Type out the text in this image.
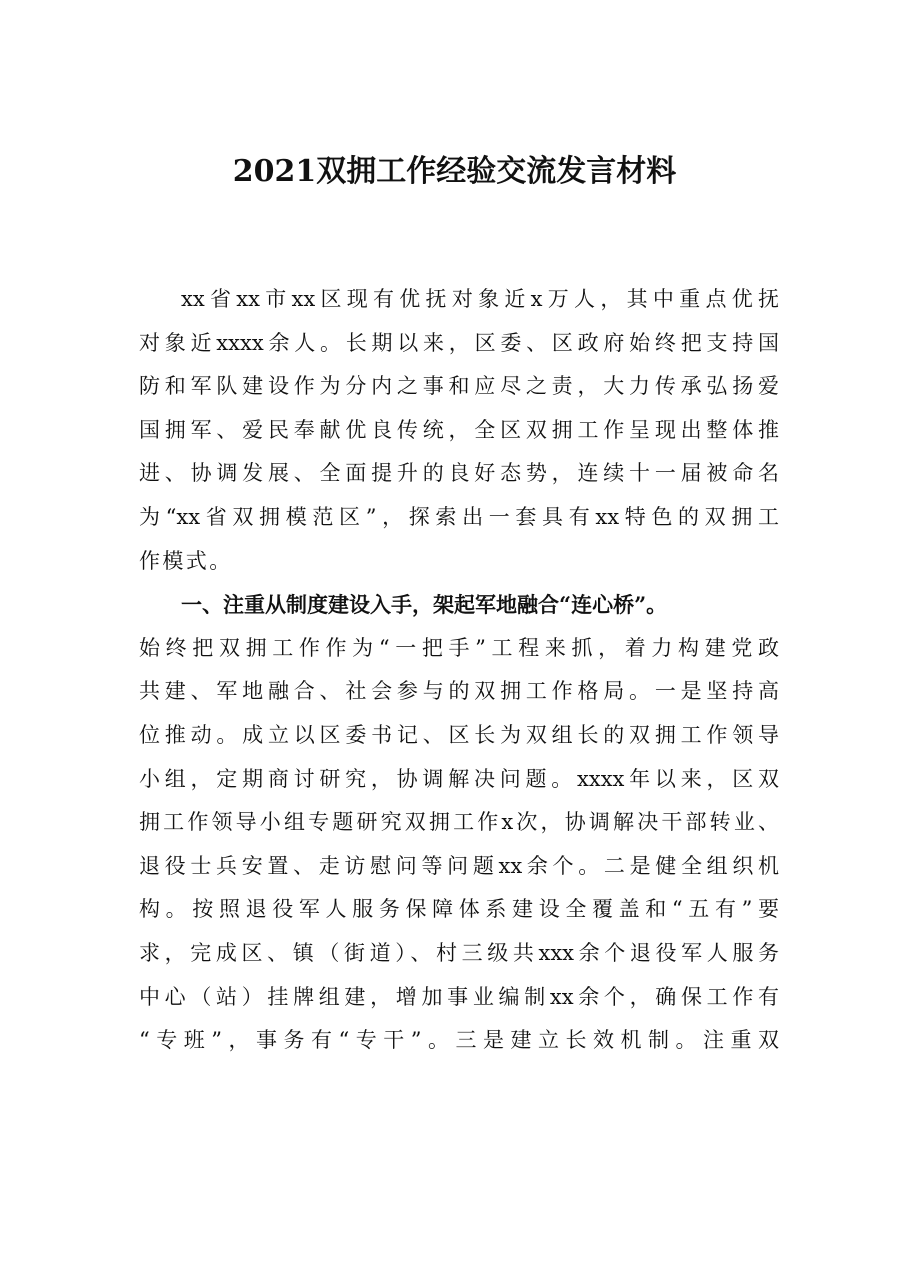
2021双拥工作经验交流发言材料
xx省xx市xx区现有优抚对象近x万人，其中重点优抚
对象近xxxx余人。长期以来，区委、区政府始终把支持国
防和军队建设作为分内之事和应尽之责，大力传承弘扬爱
国拥军、爱民奉献优良传统，全区双拥工作呈现出整体推
进、协调发展、全面提升的良好态势，连续十一届被命名
为“xx省双拥模范区”，探索出一套具有xx特色的双拥工
作模式。
一、注重从制度建设入手，架起军地融合“连心桥”。
始终把双拥工作作为“一把手”工程来抓，着力构建党政
共建、军地融合、社会参与的双拥工作格局。一是坚持高
位推动。成立以区委书记、区长为双组长的双拥工作领导
小组，定期商讨研究，协调解决问题。xxxx年以来，区双
拥工作领导小组专题研究双拥工作x次，协调解决干部转业、
退役士兵安置、走访慰问等问题xx余个。二是健全组织机
构。按照退役军人服务保障体系建设全覆盖和“五有”要
求，完成区、镇（街道）、村三级共xxx余个退役军人服务
中心（站）挂牌组建，增加事业编制xx余个，确保工作有
“专班”，事务有“专干”。三是建立长效机制。注重双
